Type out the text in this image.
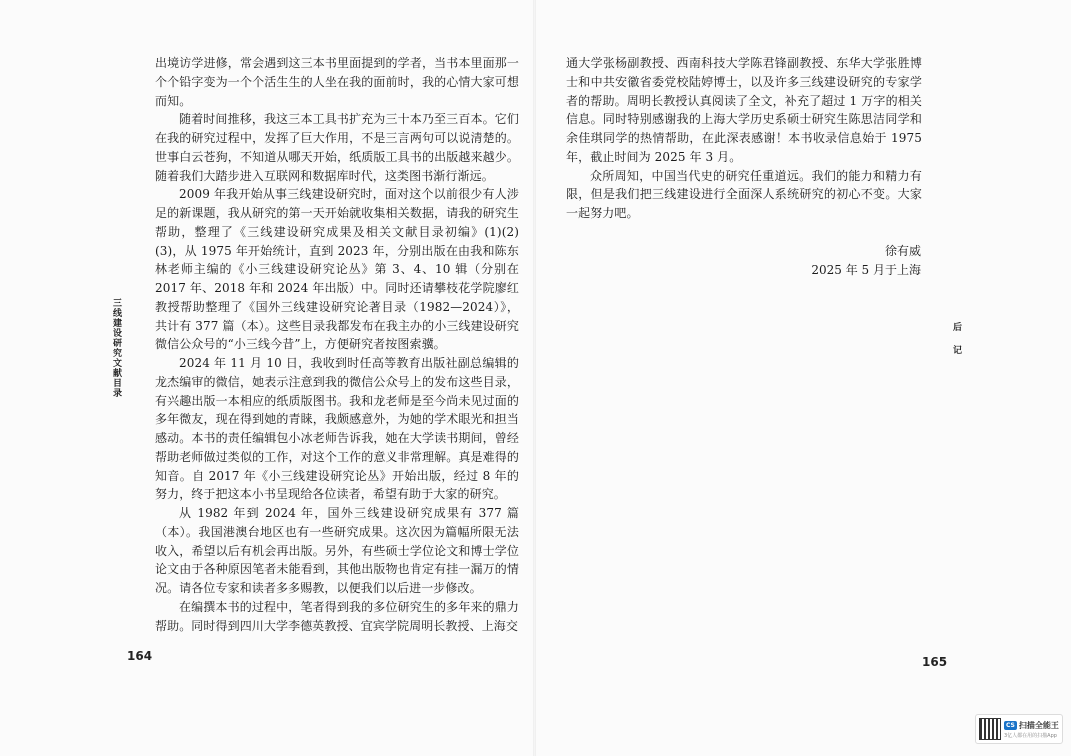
出境访学进修，常会遇到这三本书里面提到的学者，当书本里面那一个个铅字变为一个个活生生的人坐在我的面前时，我的心情大家可想而知。

随着时间推移，我这三本工具书扩充为三十本乃至三百本。它们在我的研究过程中，发挥了巨大作用，不是三言两句可以说清楚的。世事白云苍狗，不知道从哪天开始，纸质版工具书的出版越来越少。随着我们大踏步进入互联网和数据库时代，这类图书渐行渐远。

2009 年我开始从事三线建设研究时，面对这个以前很少有人涉足的新课题，我从研究的第一天开始就收集相关数据，请我的研究生帮助，整理了《三线建设研究成果及相关文献目录初编》(1)(2)(3)，从 1975 年开始统计，直到 2023 年，分别出版在由我和陈东林老师主编的《小三线建设研究论丛》第 3、4、10 辑（分别在 2017 年、2018 年和 2024 年出版）中。同时还请攀枝花学院廖红教授帮助整理了《国外三线建设研究论著目录（1982—2024）》，共计有 377 篇（本）。这些目录我都发布在我主办的小三线建设研究微信公众号的“小三线今昔”上，方便研究者按图索骥。

2024 年 11 月 10 日，我收到时任高等教育出版社副总编辑的龙杰编审的微信，她表示注意到我的微信公众号上的发布这些目录，有兴趣出版一本相应的纸质版图书。我和龙老师是至今尚未见过面的多年微友，现在得到她的青睐，我颇感意外，为她的学术眼光和担当感动。本书的责任编辑包小冰老师告诉我，她在大学读书期间，曾经帮助老师做过类似的工作，对这个工作的意义非常理解。真是难得的知音。自 2017 年《小三线建设研究论丛》开始出版，经过 8 年的努力，终于把这本小书呈现给各位读者，希望有助于大家的研究。

从 1982 年到 2024 年，国外三线建设研究成果有 377 篇（本）。我国港澳台地区也有一些研究成果。这次因为篇幅所限无法收入，希望以后有机会再出版。另外，有些硕士学位论文和博士学位论文由于各种原因笔者未能看到，其他出版物也肯定有挂一漏万的情况。请各位专家和读者多多赐教，以便我们以后进一步修改。

在编撰本书的过程中，笔者得到我的多位研究生的多年来的鼎力帮助。同时得到四川大学李德英教授、宜宾学院周明长教授、上海交

三线建设研究文献目录
164

通大学张杨副教授、西南科技大学陈君锋副教授、东华大学张胜博士和中共安徽省委党校陆婷博士，以及许多三线建设研究的专家学者的帮助。周明长教授认真阅读了全文，补充了超过 1 万字的相关信息。同时特别感谢我的上海大学历史系硕士研究生陈思洁同学和余佳琪同学的热情帮助，在此深表感谢！本书收录信息始于 1975 年，截止时间为 2025 年 3 月。

众所周知，中国当代史的研究任重道远。我们的能力和精力有限，但是我们把三线建设进行全面深人系统研究的初心不变。大家一起努力吧。

徐有威
2025 年 5 月于上海
后记
165
CS 扫描全能王
3亿人都在用的扫描App
